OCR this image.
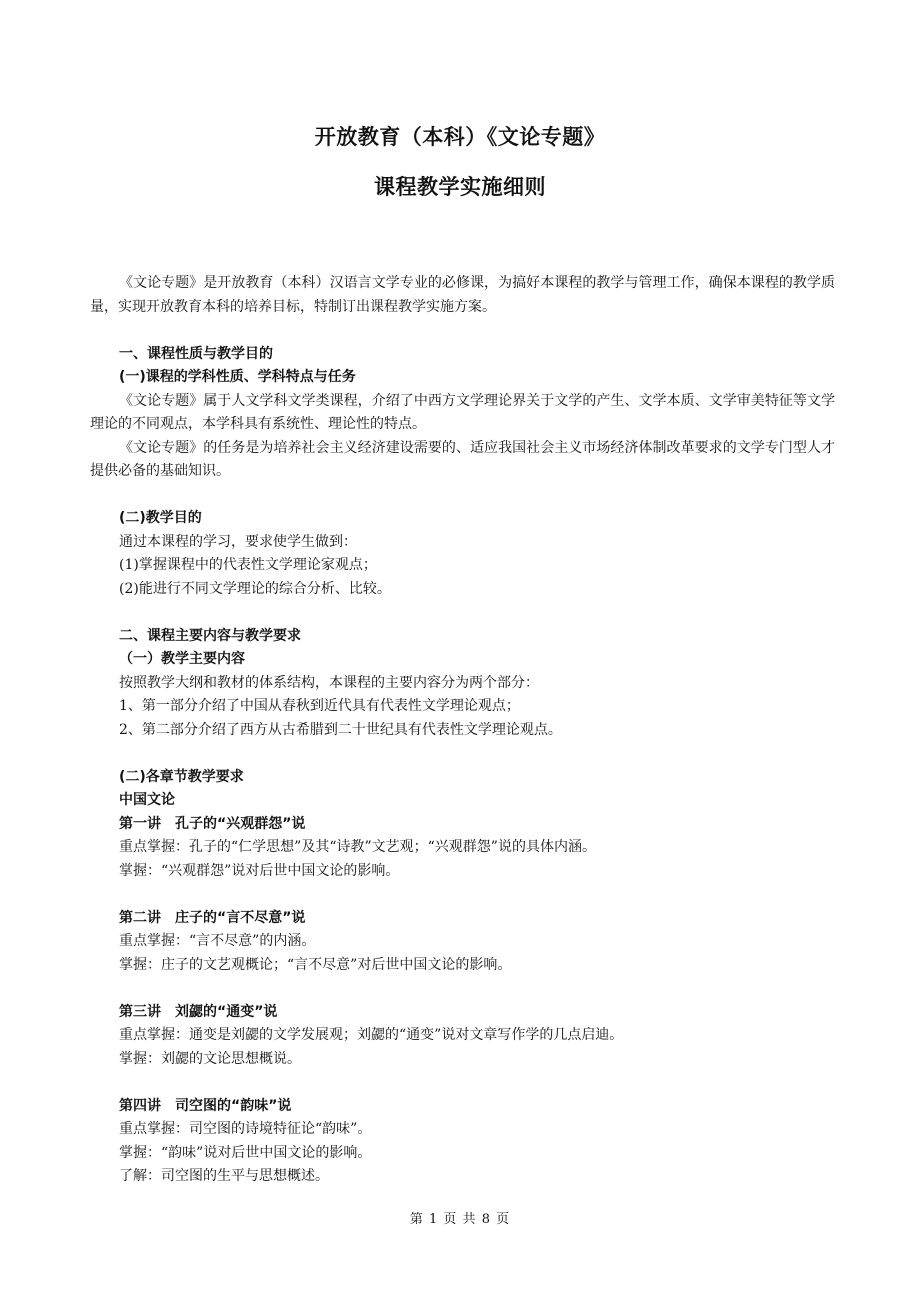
开放教育（本科）《文论专题》
课程教学实施细则

《文论专题》是开放教育（本科）汉语言文学专业的必修课，为搞好本课程的教学与管理工作，确保本课程的教学质量，实现开放教育本科的培养目标，特制订出课程教学实施方案。

一、课程性质与教学目的

(一)课程的学科性质、学科特点与任务

《文论专题》属于人文学科文学类课程，介绍了中西方文学理论界关于文学的产生、文学本质、文学审美特征等文学理论的不同观点，本学科具有系统性、理论性的特点。

《文论专题》的任务是为培养社会主义经济建设需要的、适应我国社会主义市场经济体制改革要求的文学专门型人才提供必备的基础知识。

(二)教学目的

通过本课程的学习，要求使学生做到：

(1)掌握课程中的代表性文学理论家观点；

(2)能进行不同文学理论的综合分析、比较。

二、课程主要内容与教学要求

（一）教学主要内容

按照教学大纲和教材的体系结构，本课程的主要内容分为两个部分：

1、第一部分介绍了中国从春秋到近代具有代表性文学理论观点；

2、第二部分介绍了西方从古希腊到二十世纪具有代表性文学理论观点。

(二)各章节教学要求

中国文论

第一讲　孔子的“兴观群怨”说

重点掌握：孔子的“仁学思想”及其“诗教”文艺观；“兴观群怨”说的具体内涵。

掌握：“兴观群怨”说对后世中国文论的影响。

第二讲　庄子的“言不尽意”说

重点掌握：“言不尽意”的内涵。

掌握：庄子的文艺观概论；“言不尽意”对后世中国文论的影响。

第三讲　刘勰的“通变”说

重点掌握：通变是刘勰的文学发展观；刘勰的“通变”说对文章写作学的几点启迪。

掌握：刘勰的文论思想概说。

第四讲　司空图的“韵味”说

重点掌握：司空图的诗境特征论“韵味”。

掌握：“韵味”说对后世中国文论的影响。

了解：司空图的生平与思想概述。

第 1 页 共 8 页
